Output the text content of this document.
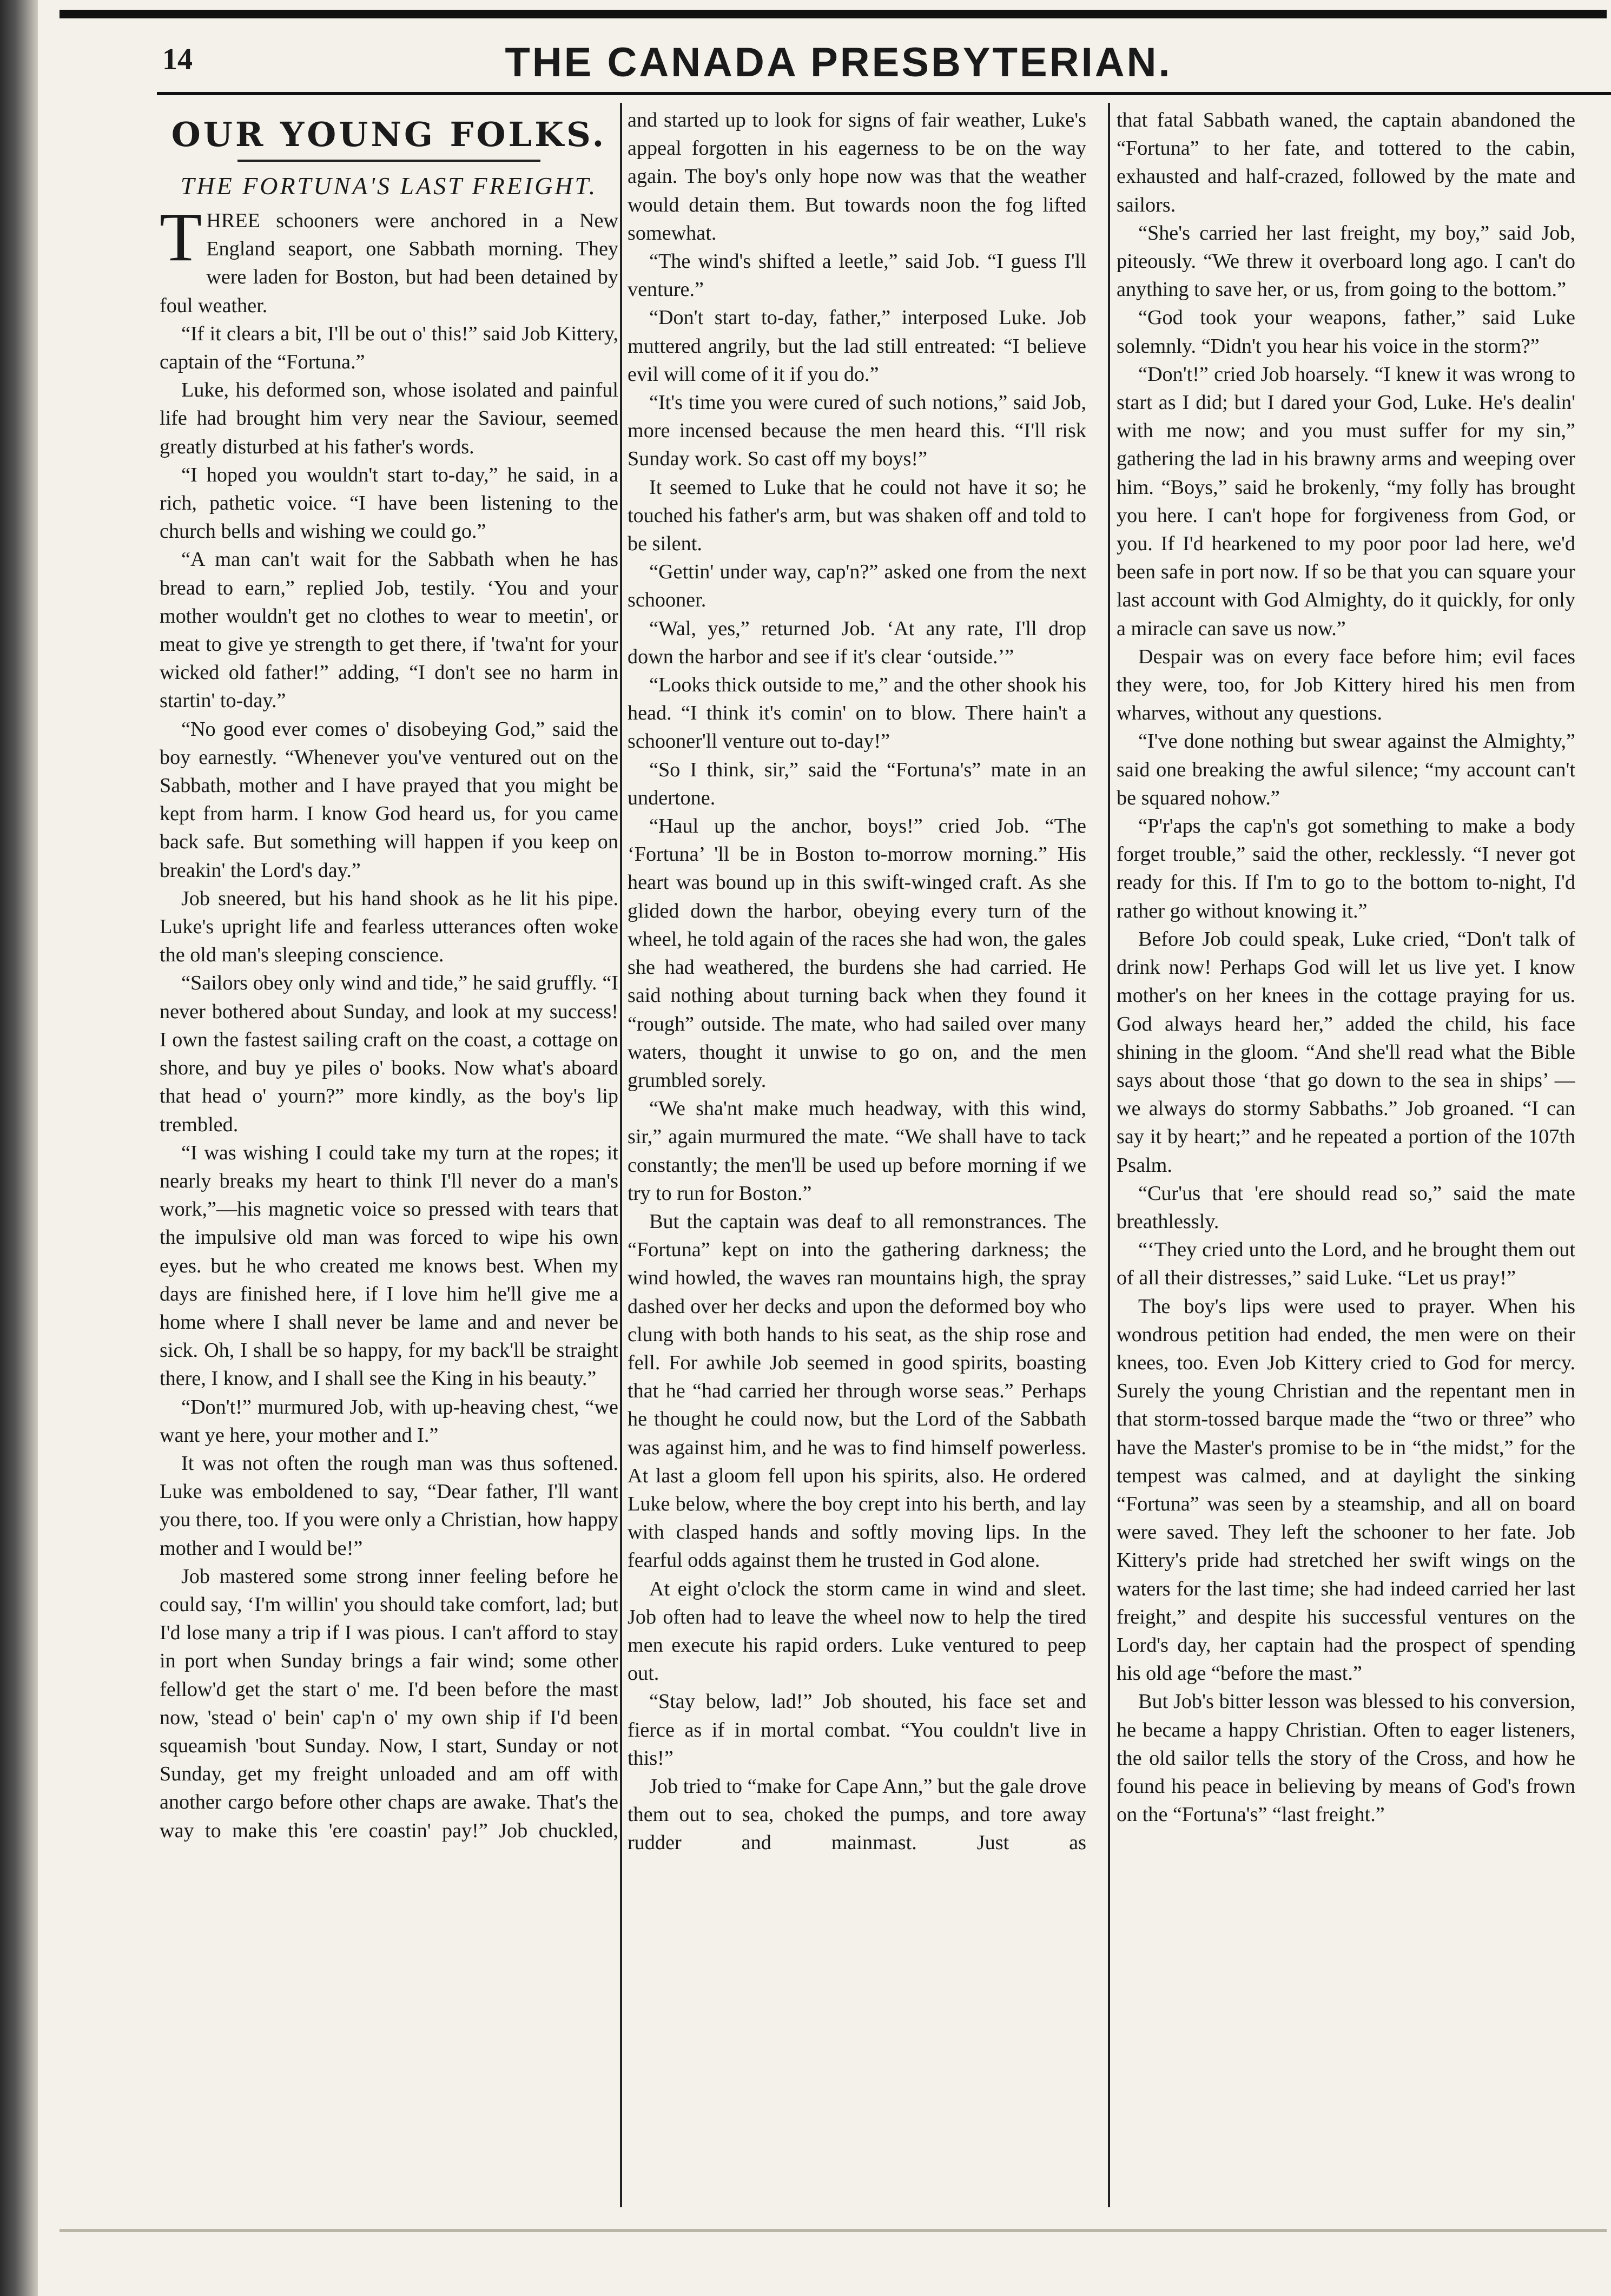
14	THE CANADA PRESBYTERIAN.
OUR YOUNG FOLKS.
THE FORTUNA'S LAST FREIGHT.

THREE schooners were anchored in a New England seaport, one Sabbath morning. They were laden for Boston, but had been detained by foul weather.

“If it clears a bit, I'll be out o' this!” said Job Kittery, captain of the “Fortuna.”

Luke, his deformed son, whose isolated and painful life had brought him very near the Saviour, seemed greatly disturbed at his father's words.

“I hoped you wouldn't start to-day,” he said, in a rich, pathetic voice. “I have been listening to the church bells and wishing we could go.”

“A man can't wait for the Sabbath when he has bread to earn,” replied Job, testily. ‘You and your mother wouldn't get no clothes to wear to meetin', or meat to give ye strength to get there, if 'twa'nt for your wicked old father!” adding, “I don't see no harm in startin' to-day.”

“No good ever comes o' disobeying God,” said the boy earnestly. “Whenever you've ventured out on the Sabbath, mother and I have prayed that you might be kept from harm. I know God heard us, for you came back safe. But something will happen if you keep on breakin' the Lord's day.”

Job sneered, but his hand shook as he lit his pipe. Luke's upright life and fearless utterances often woke the old man's sleeping conscience.

“Sailors obey only wind and tide,” he said gruffly. “I never bothered about Sunday, and look at my success! I own the fastest sailing craft on the coast, a cottage on shore, and buy ye piles o' books. Now what's aboard that head o' yourn?” more kindly, as the boy's lip trembled.

“I was wishing I could take my turn at the ropes; it nearly breaks my heart to think I'll never do a man's work,”—his magnetic voice so pressed with tears that the impulsive old man was forced to wipe his own eyes. but he who created me knows best. When my days are finished here, if I love him he'll give me a home where I shall never be lame and and never be sick. Oh, I shall be so happy, for my back'll be straight there, I know, and I shall see the King in his beauty.”

“Don't!” murmured Job, with up-heaving chest, “we want ye here, your mother and I.”

It was not often the rough man was thus softened. Luke was emboldened to say, “Dear father, I'll want you there, too. If you were only a Christian, how happy mother and I would be!”

Job mastered some strong inner feeling before he could say, ‘I'm willin' you should take comfort, lad; but I'd lose many a trip if I was pious. I can't afford to stay in port when Sunday brings a fair wind; some other fellow'd get the start o' me. I'd been before the mast now, 'stead o' bein' cap'n o' my own ship if I'd been squeamish 'bout Sunday. Now, I start, Sunday or not Sunday, get my freight unloaded and am off with another cargo before other chaps are awake. That's the way to make this 'ere coastin' pay!” Job chuckled,

and started up to look for signs of fair weather, Luke's appeal forgotten in his eagerness to be on the way again. The boy's only hope now was that the weather would detain them. But towards noon the fog lifted somewhat.

“The wind's shifted a leetle,” said Job. “I guess I'll venture.”

“Don't start to-day, father,” interposed Luke. Job muttered angrily, but the lad still entreated: “I believe evil will come of it if you do.”

“It's time you were cured of such notions,” said Job, more incensed because the men heard this. “I'll risk Sunday work. So cast off my boys!”

It seemed to Luke that he could not have it so; he touched his father's arm, but was shaken off and told to be silent.

“Gettin' under way, cap'n?” asked one from the next schooner.

“Wal, yes,” returned Job. ‘At any rate, I'll drop down the harbor and see if it's clear ‘outside.’”

“Looks thick outside to me,” and the other shook his head. “I think it's comin' on to blow. There hain't a schooner'll venture out to-day!”

“So I think, sir,” said the “Fortuna's” mate in an undertone.

“Haul up the anchor, boys!” cried Job. “The ‘Fortuna’ 'll be in Boston to-morrow morning.” His heart was bound up in this swift-winged craft. As she glided down the harbor, obeying every turn of the wheel, he told again of the races she had won, the gales she had weathered, the burdens she had carried. He said nothing about turning back when they found it “rough” outside. The mate, who had sailed over many waters, thought it unwise to go on, and the men grumbled sorely.

“We sha'nt make much headway, with this wind, sir,” again murmured the mate. “We shall have to tack constantly; the men'll be used up before morning if we try to run for Boston.”

But the captain was deaf to all remonstrances. The “Fortuna” kept on into the gathering darkness; the wind howled, the waves ran mountains high, the spray dashed over her decks and upon the deformed boy who clung with both hands to his seat, as the ship rose and fell. For awhile Job seemed in good spirits, boasting that he “had carried her through worse seas.” Perhaps he thought he could now, but the Lord of the Sabbath was against him, and he was to find himself powerless. At last a gloom fell upon his spirits, also. He ordered Luke below, where the boy crept into his berth, and lay with clasped hands and softly moving lips. In the fearful odds against them he trusted in God alone.

At eight o'clock the storm came in wind and sleet. Job often had to leave the wheel now to help the tired men execute his rapid orders. Luke ventured to peep out.

“Stay below, lad!” Job shouted, his face set and fierce as if in mortal combat. “You couldn't live in this!”

Job tried to “make for Cape Ann,” but the gale drove them out to sea, choked the pumps, and tore away rudder and mainmast. Just as

that fatal Sabbath waned, the captain abandoned the “Fortuna” to her fate, and tottered to the cabin, exhausted and half-crazed, followed by the mate and sailors.

“She's carried her last freight, my boy,” said Job, piteously. “We threw it overboard long ago. I can't do anything to save her, or us, from going to the bottom.”

“God took your weapons, father,” said Luke solemnly. “Didn't you hear his voice in the storm?”

“Don't!” cried Job hoarsely. “I knew it was wrong to start as I did; but I dared your God, Luke. He's dealin' with me now; and you must suffer for my sin,” gathering the lad in his brawny arms and weeping over him. “Boys,” said he brokenly, “my folly has brought you here. I can't hope for forgiveness from God, or you. If I'd hearkened to my poor poor lad here, we'd been safe in port now. If so be that you can square your last account with God Almighty, do it quickly, for only a miracle can save us now.”

Despair was on every face before him; evil faces they were, too, for Job Kittery hired his men from wharves, without any questions.

“I've done nothing but swear against the Almighty,” said one breaking the awful silence; “my account can't be squared nohow.”

“P'r'aps the cap'n's got something to make a body forget trouble,” said the other, recklessly. “I never got ready for this. If I'm to go to the bottom to-night, I'd rather go without knowing it.”

Before Job could speak, Luke cried, “Don't talk of drink now! Perhaps God will let us live yet. I know mother's on her knees in the cottage praying for us. God always heard her,” added the child, his face shining in the gloom. “And she'll read what the Bible says about those ‘that go down to the sea in ships’ —we always do stormy Sabbaths.” Job groaned. “I can say it by heart;” and he repeated a portion of the 107th Psalm.

“Cur'us that 'ere should read so,” said the mate breathlessly.

“‘They cried unto the Lord, and he brought them out of all their distresses,” said Luke. “Let us pray!”

The boy's lips were used to prayer. When his wondrous petition had ended, the men were on their knees, too. Even Job Kittery cried to God for mercy. Surely the young Christian and the repentant men in that storm-tossed barque made the “two or three” who have the Master's promise to be in “the midst,” for the tempest was calmed, and at daylight the sinking “Fortuna” was seen by a steamship, and all on board were saved. They left the schooner to her fate. Job Kittery's pride had stretched her swift wings on the waters for the last time; she had indeed carried her last freight,” and despite his successful ventures on the Lord's day, her captain had the prospect of spending his old age “before the mast.”

But Job's bitter lesson was blessed to his conversion, he became a happy Christian. Often to eager listeners, the old sailor tells the story of the Cross, and how he found his peace in believing by means of God's frown on the “Fortuna's” “last freight.”
